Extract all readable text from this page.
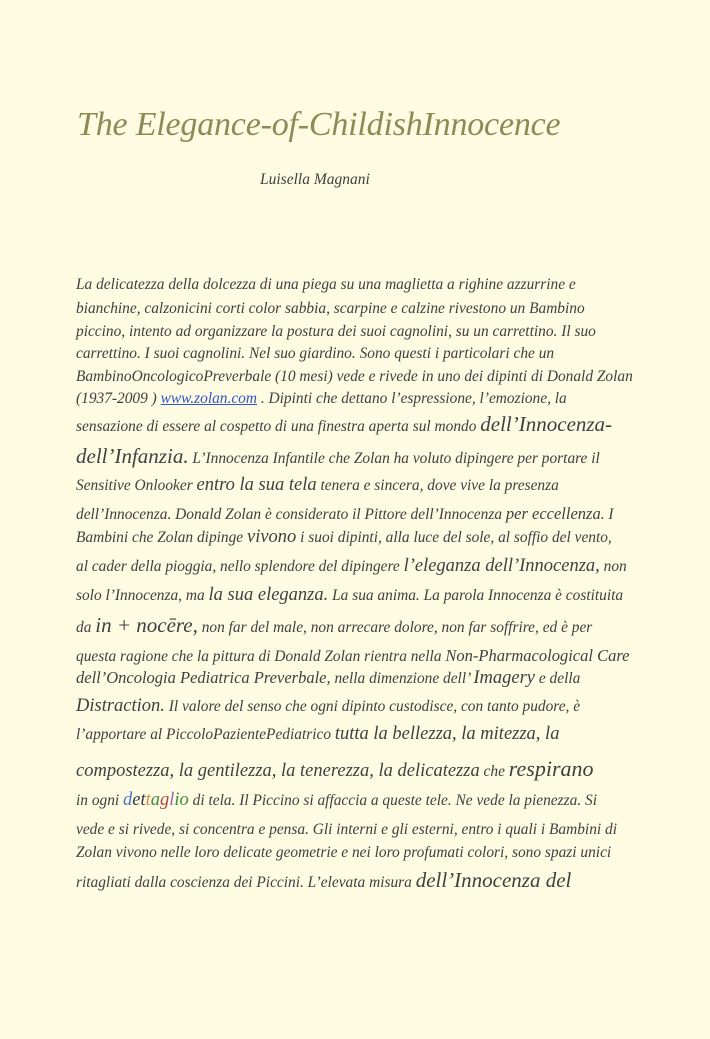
The Elegance-of-ChildishInnocence
Luisella Magnani
La delicatezza della dolcezza di una piega su una maglietta a righine azzurrine e
bianchine, calzonicini corti color sabbia, scarpine e calzine rivestono un Bambino
piccino, intento ad organizzare la postura dei suoi cagnolini, su un carrettino. Il suo
carrettino. I suoi cagnolini. Nel suo giardino. Sono questi i particolari che un
BambinoOncologicoPreverbale (10 mesi) vede e rivede in uno dei dipinti di Donald Zolan
(1937-2009 ) www.zolan.com . Dipinti che dettano l’espressione, l’emozione, la
sensazione di essere al cospetto di una finestra aperta sul mondo dell’Innocenza-
dell’Infanzia. L’Innocenza Infantile che Zolan ha voluto dipingere per portare il
Sensitive Onlooker entro la sua tela tenera e sincera, dove vive la presenza
dell’Innocenza. Donald Zolan è considerato il Pittore dell’Innocenza per eccellenza. I
Bambini che Zolan dipinge vivono i suoi dipinti, alla luce del sole, al soffio del vento,
al cader della pioggia, nello splendore del dipingere l’eleganza dell’Innocenza, non
solo l’Innocenza, ma la sua eleganza. La sua anima. La parola Innocenza è costituita
da in + nocēre, non far del male, non arrecare dolore, non far soffrire, ed è per
questa ragione che la pittura di Donald Zolan rientra nella Non-Pharmacological Care
dell’Oncologia Pediatrica Preverbale, nella dimenzione dell’ Imagery e della
Distraction. Il valore del senso che ogni dipinto custodisce, con tanto pudore, è
l’apportare al PiccoloPazientePediatrico tutta la bellezza, la mitezza, la
compostezza, la gentilezza, la tenerezza, la delicatezza che respirano
in ogni dettaglio di tela. Il Piccino si affaccia a queste tele. Ne vede la pienezza. Si
vede e si rivede, si concentra e pensa. Gli interni e gli esterni, entro i quali i Bambini di
Zolan vivono nelle loro delicate geometrie e nei loro profumati colori, sono spazi unici
ritagliati dalla coscienza dei Piccini. L’elevata misura dell’Innocenza del
